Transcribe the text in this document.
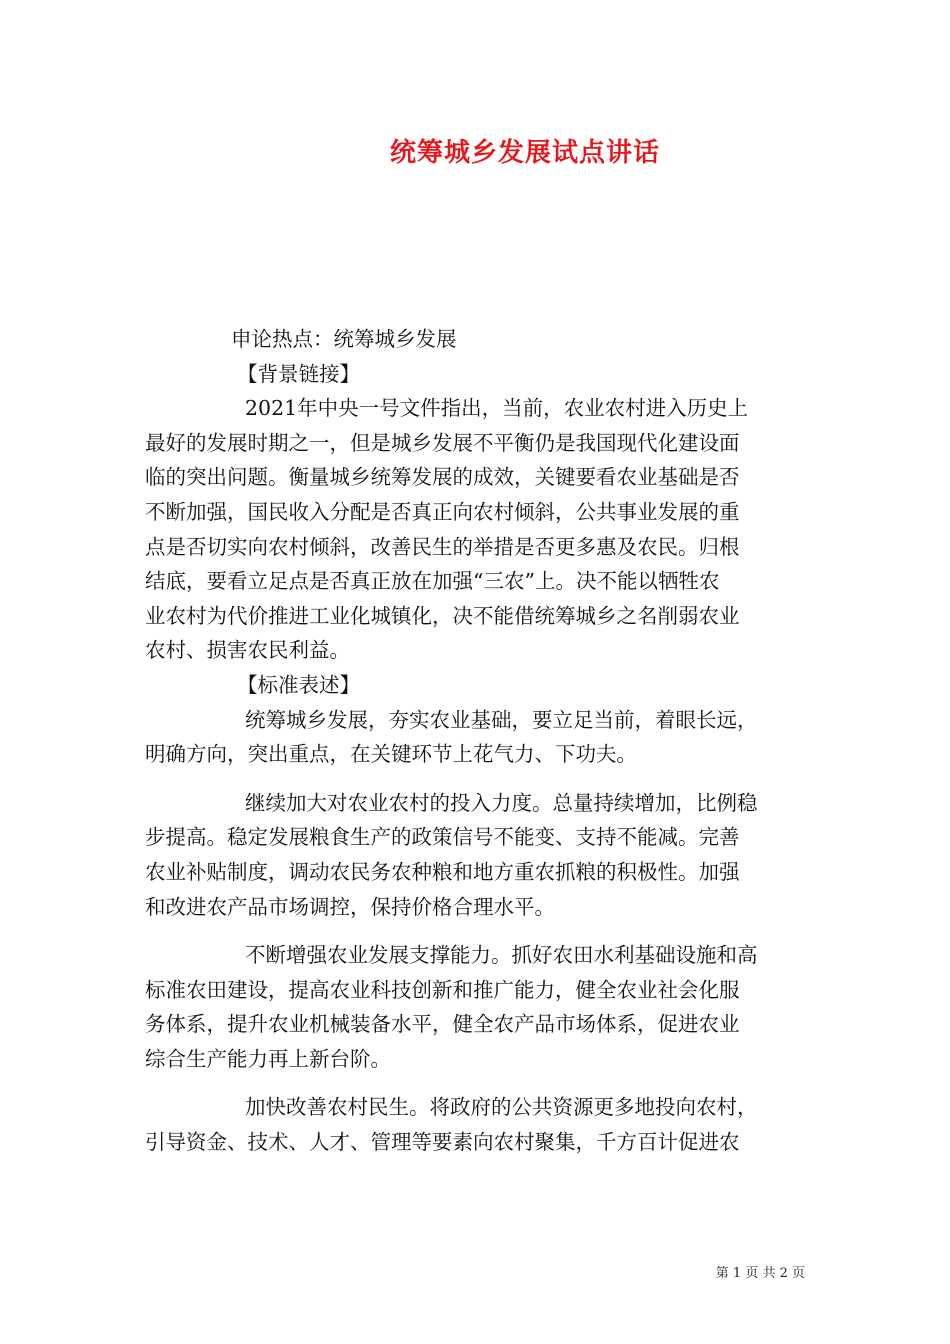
统筹城乡发展试点讲话

申论热点：统筹城乡发展

【背景链接】

2021年中央一号文件指出，当前，农业农村进入历史上

最好的发展时期之一，但是城乡发展不平衡仍是我国现代化建设面

临的突出问题。衡量城乡统筹发展的成效，关键要看农业基础是否

不断加强，国民收入分配是否真正向农村倾斜，公共事业发展的重

点是否切实向农村倾斜，改善民生的举措是否更多惠及农民。归根

结底，要看立足点是否真正放在加强“三农”上。决不能以牺牲农

业农村为代价推进工业化城镇化，决不能借统筹城乡之名削弱农业

农村、损害农民利益。

【标准表述】

统筹城乡发展，夯实农业基础，要立足当前，着眼长远，

明确方向，突出重点，在关键环节上花气力、下功夫。

继续加大对农业农村的投入力度。总量持续增加，比例稳

步提高。稳定发展粮食生产的政策信号不能变、支持不能减。完善

农业补贴制度，调动农民务农种粮和地方重农抓粮的积极性。加强

和改进农产品市场调控，保持价格合理水平。

不断增强农业发展支撑能力。抓好农田水利基础设施和高

标准农田建设，提高农业科技创新和推广能力，健全农业社会化服

务体系，提升农业机械装备水平，健全农产品市场体系，促进农业

综合生产能力再上新台阶。

加快改善农村民生。将政府的公共资源更多地投向农村，

引导资金、技术、人才、管理等要素向农村聚集，千方百计促进农

第 1 页 共 2 页
